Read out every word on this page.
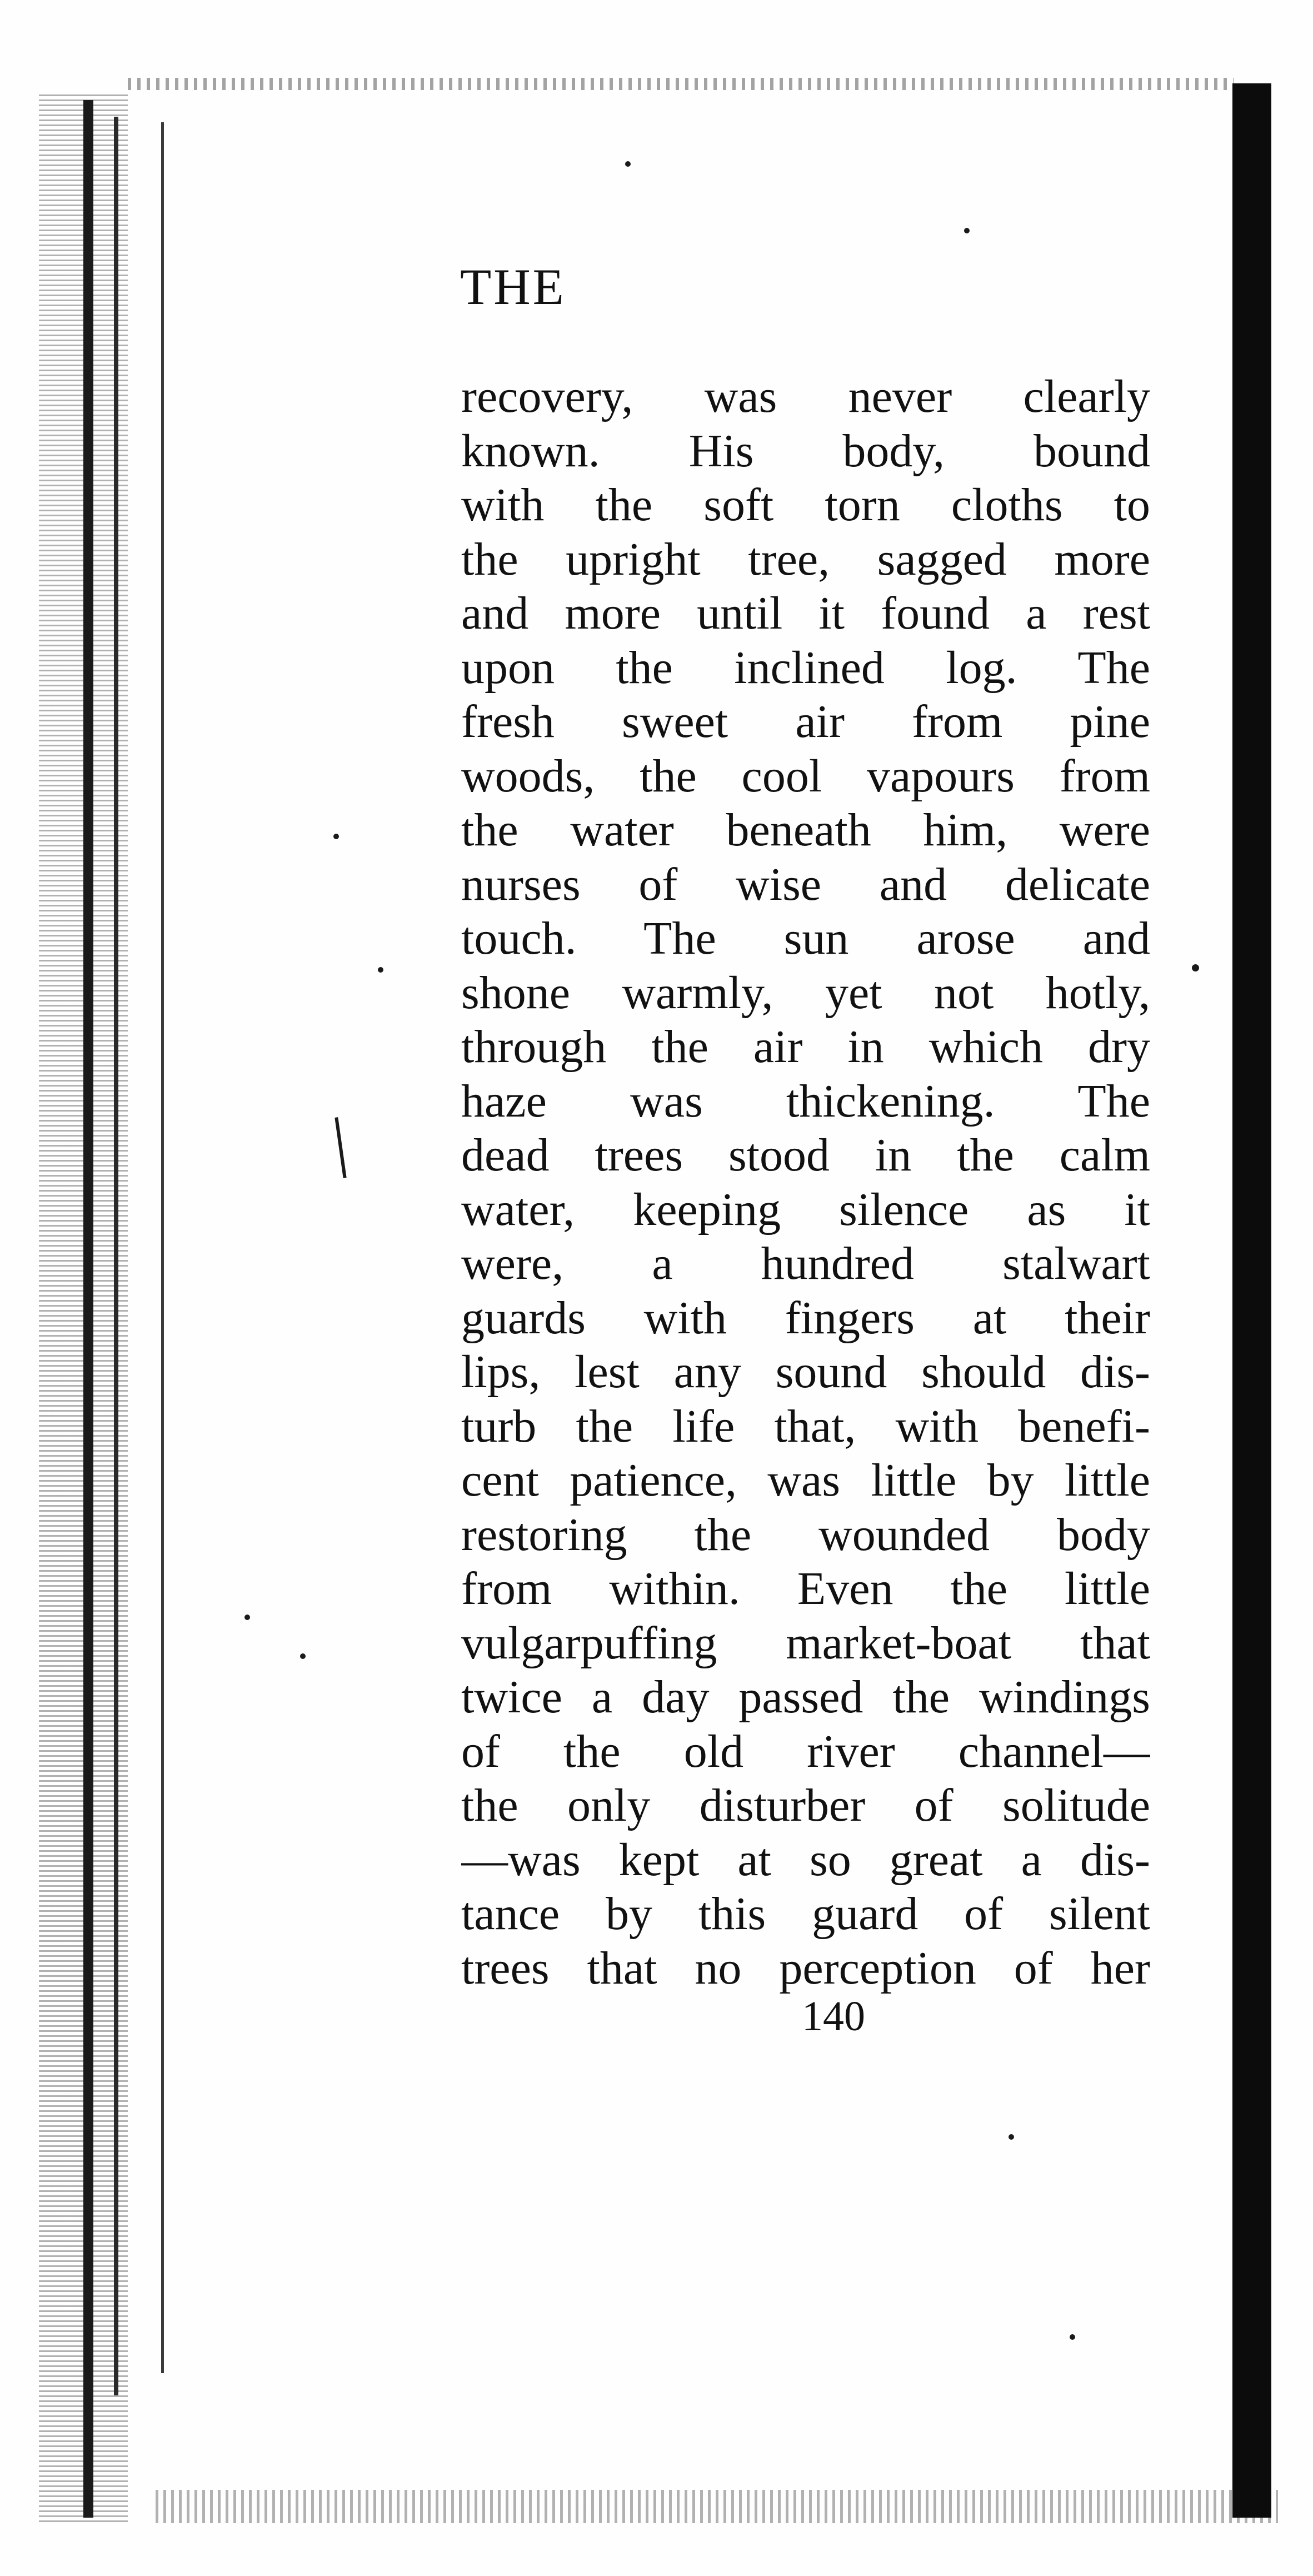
THE
recovery, was never clearly
known. His body, bound
with the soft torn cloths to
the upright tree, sagged more
and more until it found a rest
upon the inclined log. The
fresh sweet air from pine
woods, the cool vapours from
the water beneath him, were
nurses of wise and delicate
touch. The sun arose and
shone warmly, yet not hotly,
through the air in which dry
haze was thickening. The
dead trees stood in the calm
water, keeping silence as it
were, a hundred stalwart
guards with fingers at their
lips, lest any sound should dis-
turb the life that, with benefi-
cent patience, was little by little
restoring the wounded body
from within. Even the little
vulgarpuffing market-boat that
twice a day passed the windings
of the old river channel—
the only disturber of solitude
—was kept at so great a dis-
tance by this guard of silent
trees that no perception of her
140
